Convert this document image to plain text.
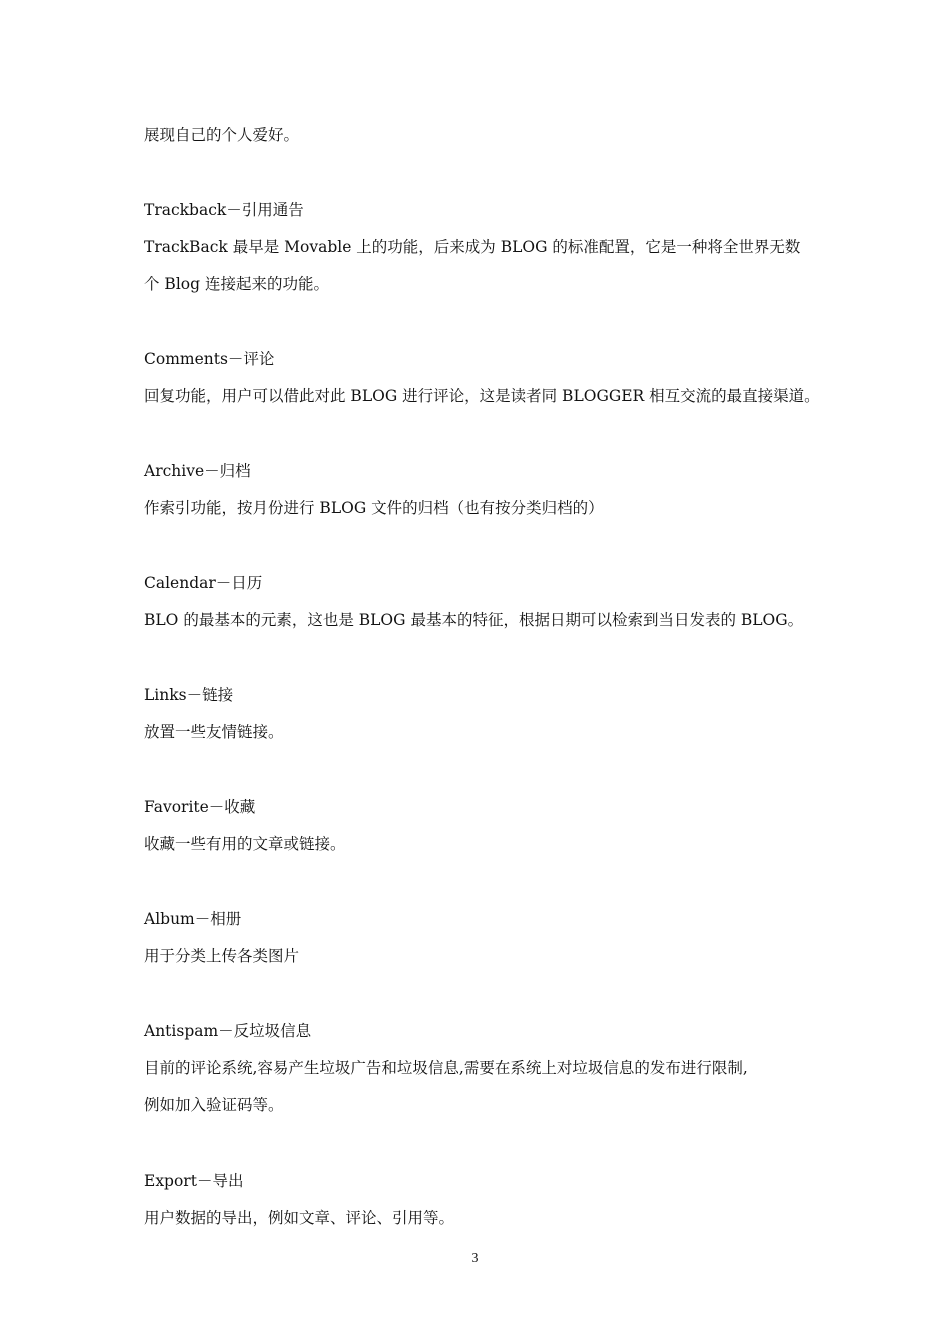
展现自己的个人爱好。
Trackback－引用通告
TrackBack 最早是 Movable 上的功能，后来成为 BLOG 的标准配置，它是一种将全世界无数
个 Blog 连接起来的功能。
Comments－评论
回复功能，用户可以借此对此 BLOG 进行评论，这是读者同 BLOGGER 相互交流的最直接渠道。
Archive－归档
作索引功能，按月份进行 BLOG 文件的归档（也有按分类归档的）
Calendar－日历
BLO 的最基本的元素，这也是 BLOG 最基本的特征，根据日期可以检索到当日发表的 BLOG。
Links－链接
放置一些友情链接。
Favorite－收藏
收藏一些有用的文章或链接。
Album－相册
用于分类上传各类图片
Antispam－反垃圾信息
目前的评论系统,容易产生垃圾广告和垃圾信息,需要在系统上对垃圾信息的发布进行限制,
例如加入验证码等。
Export－导出
用户数据的导出，例如文章、评论、引用等。
3
